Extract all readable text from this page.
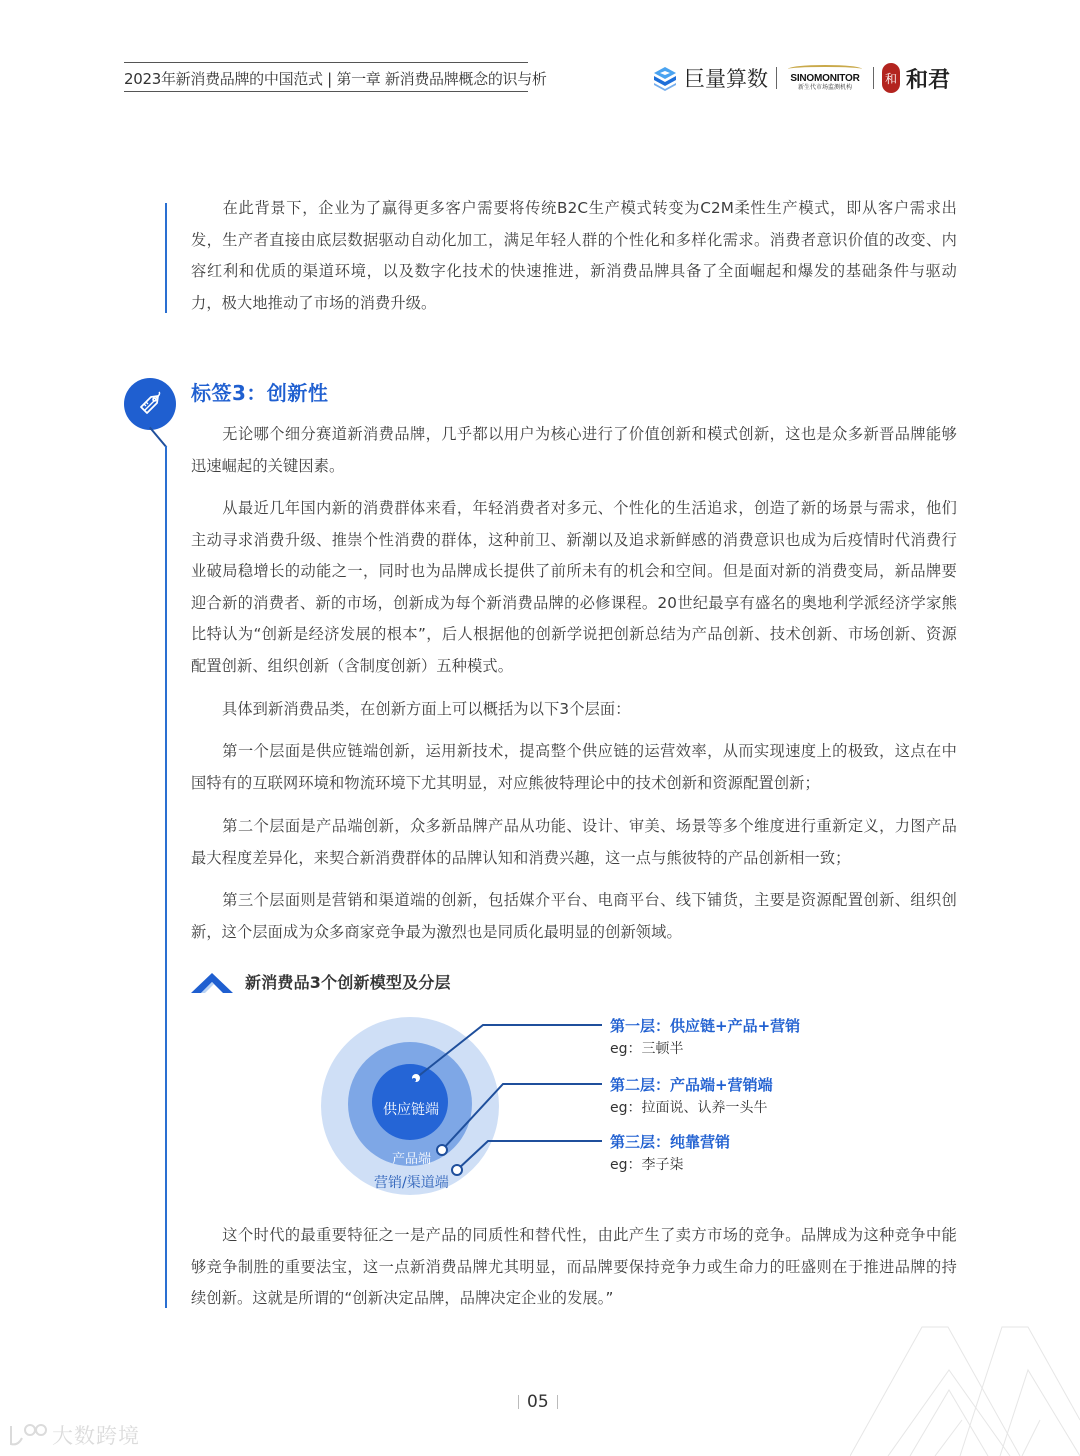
2023年新消费品牌的中国范式 | 第一章 新消费品牌概念的识与析	巨量算数 SINOMONITOR
新生代市场监测机构
和 和君

在此背景下，企业为了赢得更多客户需要将传统B2C生产模式转变为C2M柔性生产模式，即从客户需求出发，生产者直接由底层数据驱动自动化加工，满足年轻人群的个性化和多样化需求。消费者意识价值的改变、内容红利和优质的渠道环境，以及数字化技术的快速推进，新消费品牌具备了全面崛起和爆发的基础条件与驱动力，极大地推动了市场的消费升级。

标签3：创新性

无论哪个细分赛道新消费品牌，几乎都以用户为核心进行了价值创新和模式创新，这也是众多新晋品牌能够迅速崛起的关键因素。

从最近几年国内新的消费群体来看，年轻消费者对多元、个性化的生活追求，创造了新的场景与需求，他们主动寻求消费升级、推崇个性消费的群体，这种前卫、新潮以及追求新鲜感的消费意识也成为后疫情时代消费行业破局稳增长的动能之一，同时也为品牌成长提供了前所未有的机会和空间。但是面对新的消费变局，新品牌要迎合新的消费者、新的市场，创新成为每个新消费品牌的必修课程。20世纪最享有盛名的奥地利学派经济学家熊比特认为“创新是经济发展的根本”，后人根据他的创新学说把创新总结为产品创新、技术创新、市场创新、资源配置创新、组织创新（含制度创新）五种模式。

具体到新消费品类，在创新方面上可以概括为以下3个层面：

第一个层面是供应链端创新，运用新技术，提高整个供应链的运营效率，从而实现速度上的极致，这点在中国特有的互联网环境和物流环境下尤其明显，对应熊彼特理论中的技术创新和资源配置创新；

第二个层面是产品端创新，众多新品牌产品从功能、设计、审美、场景等多个维度进行重新定义，力图产品最大程度差异化，来契合新消费群体的品牌认知和消费兴趣，这一点与熊彼特的产品创新相一致；

第三个层面则是营销和渠道端的创新，包括媒介平台、电商平台、线下铺货，主要是资源配置创新、组织创新，这个层面成为众多商家竞争最为激烈也是同质化最明显的创新领域。

新消费品3个创新模型及分层
供应链端
产品端
营销/渠道端
第一层：供应链+产品+营销
eg：三顿半
第二层：产品端+营销端
eg：拉面说、认养一头牛
第三层：纯靠营销
eg：李子柒

这个时代的最重要特征之一是产品的同质性和替代性，由此产生了卖方市场的竞争。品牌成为这种竞争中能够竞争制胜的重要法宝，这一点新消费品牌尤其明显，而品牌要保持竞争力或生命力的旺盛则在于推进品牌的持续创新。这就是所谓的“创新决定品牌，品牌决定企业的发展。”

05
大数跨境
